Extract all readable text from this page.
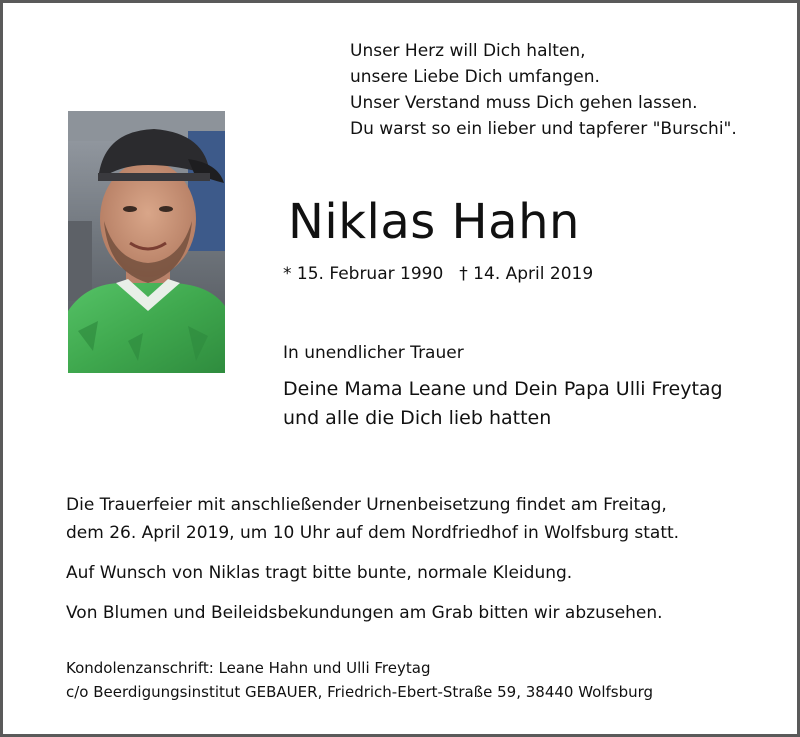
Unser Herz will Dich halten,
unsere Liebe Dich umfangen.
Unser Verstand muss Dich gehen lassen.
Du warst so ein lieber und tapferer "Burschi".
Niklas Hahn
* 15. Februar 1990 † 14. April 2019
In unendlicher Trauer
Deine Mama Leane und Dein Papa Ulli Freytag
und alle die Dich lieb hatten
Die Trauerfeier mit anschließender Urnenbeisetzung findet am Freitag,
dem 26. April 2019, um 10 Uhr auf dem Nordfriedhof in Wolfsburg statt.
Auf Wunsch von Niklas tragt bitte bunte, normale Kleidung.
Von Blumen und Beileidsbekundungen am Grab bitten wir abzusehen.
Kondolenzanschrift: Leane Hahn und Ulli Freytag
c/o Beerdigungsinstitut GEBAUER, Friedrich-Ebert-Straße 59, 38440 Wolfsburg
